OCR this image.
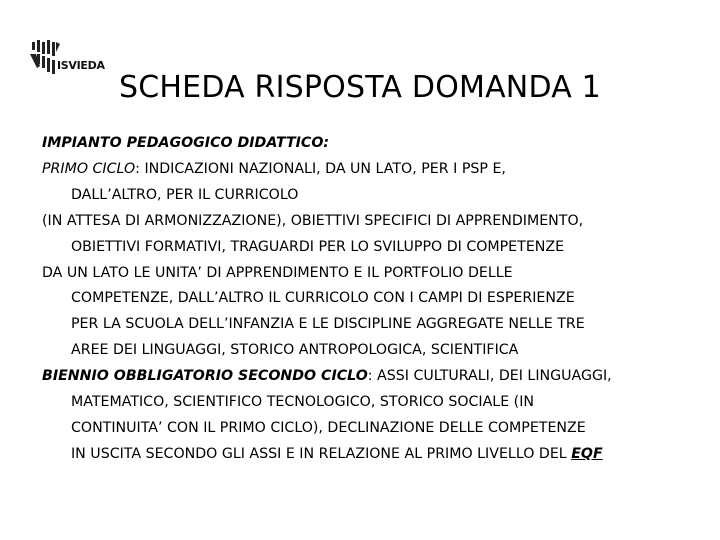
ISVIEDA
SCHEDA RISPOSTA DOMANDA 1
IMPIANTO PEDAGOGICO DIDATTICO:
PRIMO CICLO: INDICAZIONI NAZIONALI, DA UN LATO, PER I PSP E,
DALL’ALTRO, PER IL CURRICOLO
(IN ATTESA DI ARMONIZZAZIONE), OBIETTIVI SPECIFICI DI APPRENDIMENTO,
OBIETTIVI FORMATIVI, TRAGUARDI PER LO SVILUPPO DI COMPETENZE
DA UN LATO LE UNITA’ DI APPRENDIMENTO E IL PORTFOLIO DELLE
COMPETENZE, DALL’ALTRO IL CURRICOLO CON I CAMPI DI ESPERIENZE
PER LA SCUOLA DELL’INFANZIA E LE DISCIPLINE AGGREGATE NELLE TRE
AREE DEI LINGUAGGI, STORICO ANTROPOLOGICA, SCIENTIFICA
BIENNIO OBBLIGATORIO SECONDO CICLO: ASSI CULTURALI, DEI LINGUAGGI,
MATEMATICO, SCIENTIFICO TECNOLOGICO, STORICO SOCIALE (IN
CONTINUITA’ CON IL PRIMO CICLO), DECLINAZIONE DELLE COMPETENZE
IN USCITA SECONDO GLI ASSI E IN RELAZIONE AL PRIMO LIVELLO DEL EQF
